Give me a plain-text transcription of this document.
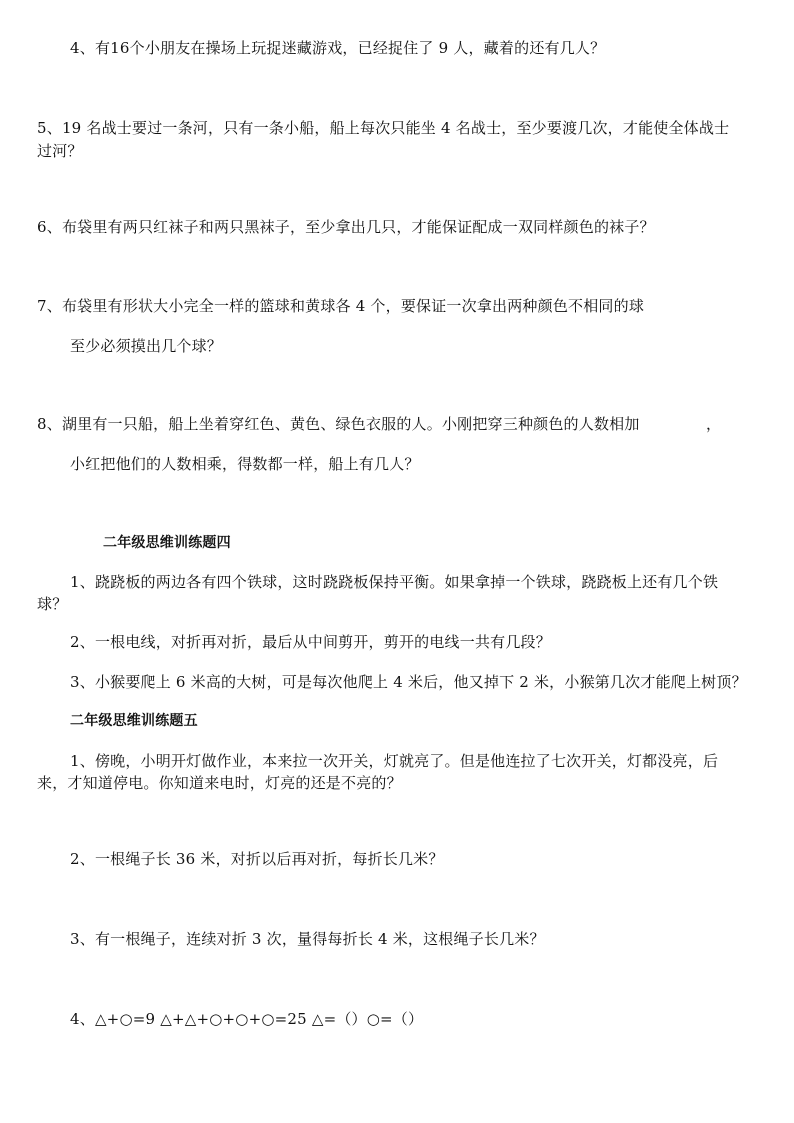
4、有16个小朋友在操场上玩捉迷藏游戏，已经捉住了 9 人，藏着的还有几人？
5、19 名战士要过一条河，只有一条小船，船上每次只能坐 4 名战士，至少要渡几次，才能使全体战士
过河？
6、布袋里有两只红袜子和两只黑袜子，至少拿出几只，才能保证配成一双同样颜色的袜子？
7、布袋里有形状大小完全一样的篮球和黄球各 4 个，要保证一次拿出两种颜色不相同的球
至少必须摸出几个球？
8、湖里有一只船，船上坐着穿红色、黄色、绿色衣服的人。小刚把穿三种颜色的人数相加	，
小红把他们的人数相乘，得数都一样，船上有几人？
二年级思维训练题四
1、跷跷板的两边各有四个铁球，这时跷跷板保持平衡。如果拿掉一个铁球，跷跷板上还有几个铁
球？
2、一根电线，对折再对折，最后从中间剪开，剪开的电线一共有几段？
3、小猴要爬上 6 米高的大树，可是每次他爬上 4 米后，他又掉下 2 米，小猴第几次才能爬上树顶？
二年级思维训练题五
1、傍晚，小明开灯做作业，本来拉一次开关，灯就亮了。但是他连拉了七次开关，灯都没亮，后
来，才知道停电。你知道来电时，灯亮的还是不亮的？
2、一根绳子长 36 米，对折以后再对折，每折长几米？
3、有一根绳子，连续对折 3 次，量得每折长 4 米，这根绳子长几米？
4、△+○=9 △+△+○+○+○=25 △=（）○=（）
